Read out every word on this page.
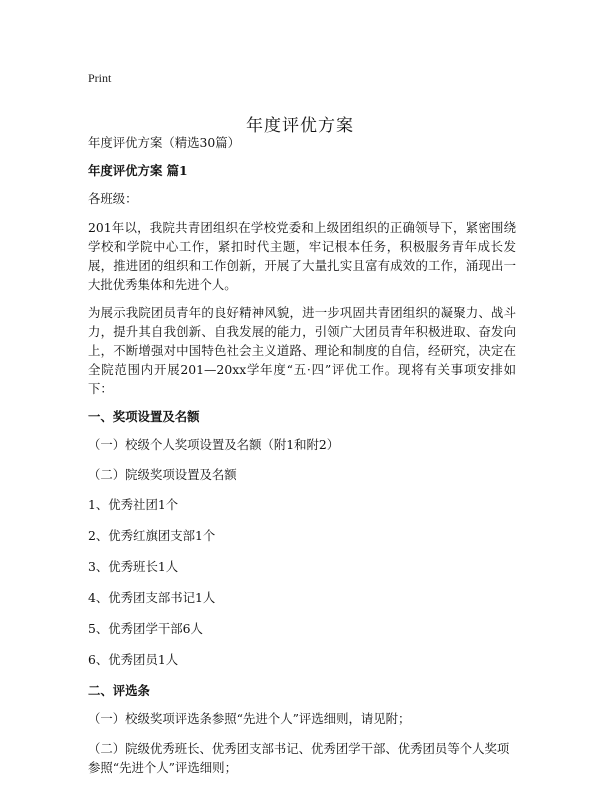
Print
年度评优方案

年度评优方案（精选30篇）

年度评优方案 篇1

各班级：

201年以，我院共青团组织在学校党委和上级团组织的正确领导下，紧密围绕学校和学院中心工作，紧扣时代主题，牢记根本任务，积极服务青年成长发展，推进团的组织和工作创新，开展了大量扎实且富有成效的工作，涌现出一大批优秀集体和先进个人。

为展示我院团员青年的良好精神风貌，进一步巩固共青团组织的凝聚力、战斗力，提升其自我创新、自我发展的能力，引领广大团员青年积极进取、奋发向上，不断增强对中国特色社会主义道路、理论和制度的自信，经研究，决定在全院范围内开展201—20xx学年度“五·四”评优工作。现将有关事项安排如下：

一、奖项设置及名额

（一）校级个人奖项设置及名额（附1和附2）

（二）院级奖项设置及名额

1、优秀社团1个

2、优秀红旗团支部1个

3、优秀班长1人

4、优秀团支部书记1人

5、优秀团学干部6人

6、优秀团员1人

二、评选条

（一）校级奖项评选条参照“先进个人”评选细则，请见附；

（二）院级优秀班长、优秀团支部书记、优秀团学干部、优秀团员等个人奖项参照“先进个人”评选细则；
